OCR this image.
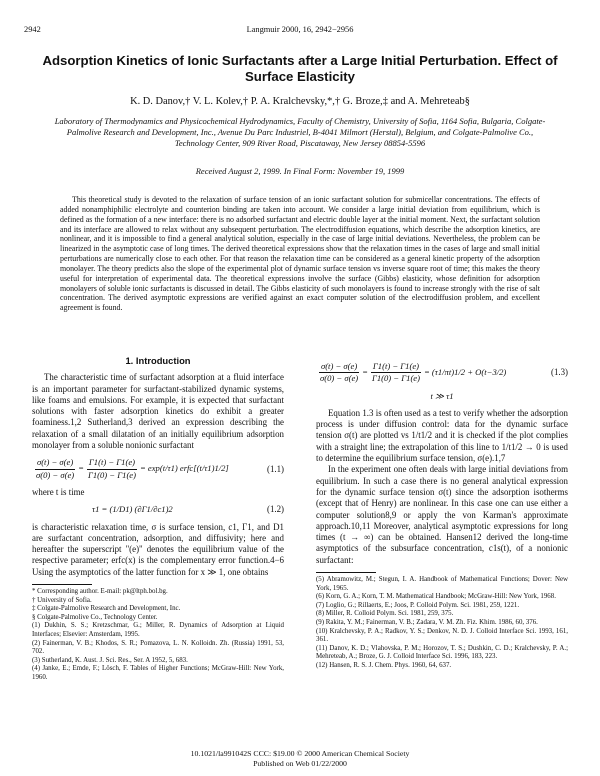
2942	Langmuir 2000, 16, 2942−2956
Adsorption Kinetics of Ionic Surfactants after a Large Initial Perturbation. Effect of Surface Elasticity
K. D. Danov,† V. L. Kolev,† P. A. Kralchevsky,*,† G. Broze,‡ and A. Mehreteab§
Laboratory of Thermodynamics and Physicochemical Hydrodynamics, Faculty of Chemistry, University of Sofia, 1164 Sofia, Bulgaria, Colgate-Palmolive Research and Development, Inc., Avenue Du Parc Industriel, B-4041 Milmort (Herstal), Belgium, and Colgate-Palmolive Co., Technology Center, 909 River Road, Piscataway, New Jersey 08854-5596
Received August 2, 1999. In Final Form: November 19, 1999

This theoretical study is devoted to the relaxation of surface tension of an ionic surfactant solution for submicellar concentrations. The effects of added nonamphiphilic electrolyte and counterion binding are taken into account. We consider a large initial deviation from equilibrium, which is defined as the formation of a new interface: there is no adsorbed surfactant and electric double layer at the initial moment. Next, the surfactant solution and its interface are allowed to relax without any subsequent perturbation. The electrodiffusion equations, which describe the adsorption kinetics, are nonlinear, and it is impossible to find a general analytical solution, especially in the case of large initial deviations. Nevertheless, the problem can be linearized in the asymptotic case of long times. The derived theoretical expressions show that the relaxation times in the cases of large and small initial perturbations are numerically close to each other. For that reason the relaxation time can be considered as a general kinetic property of the adsorption monolayer. The theory predicts also the slope of the experimental plot of dynamic surface tension vs inverse square root of time; this makes the theory useful for interpretation of experimental data. The theoretical expressions involve the surface (Gibbs) elasticity, whose definition for adsorption monolayers of soluble ionic surfactants is discussed in detail. The Gibbs elasticity of such monolayers is found to increase strongly with the rise of salt concentration. The derived asymptotic expressions are verified against an exact computer solution of the electrodiffusion problem, and excellent agreement is found.

1. Introduction

The characteristic time of surfactant adsorption at a fluid interface is an important parameter for surfactant-stabilized dynamic systems, like foams and emulsions. For example, it is expected that surfactant solutions with faster adsorption kinetics do exhibit a greater foaminess.1,2 Sutherland,3 derived an expression describing the relaxation of a small dilatation of an initially equilibrium adsorption monolayer from a soluble nonionic surfactant

$\frac{\sigma(t) - \sigma(e)}{\sigma(0) - \sigma(e)} = \frac{\Gamma 1(t) - \Gamma 1(e)}{\Gamma 1(0) - \Gamma 1(e)} = \exp(t/\tau 1)$ erfc[(t/τ1)1/2]	(1.1)

where t is time

τ1 = (1/D1) (∂Γ1/∂c1)2	(1.2)

is characteristic relaxation time, σ is surface tension, c1, Γ1, and D1 are surfactant concentration, adsorption, and diffusivity; here and hereafter the superscript "(e)" denotes the equilibrium value of the respective parameter; erfc(x) is the complementary error function.4−6 Using the asymptotics of the latter function for x ≫ 1, one obtains

* Corresponding author. E-mail: pk@ltph.bol.bg.
† University of Sofia.
‡ Colgate-Palmolive Research and Development, Inc.
§ Colgate-Palmolive Co., Technology Center.
(1) Dukhin, S. S.; Kretzschmar, G.; Miller, R. Dynamics of Adsorption at Liquid Interfaces; Elsevier: Amsterdam, 1995.
(2) Fainerman, V. B.; Khodos, S. R.; Pomazova, L. N. Kolloidn. Zh. (Russia) 1991, 53, 702.
(3) Sutherland, K. Aust. J. Sci. Res., Ser. A 1952, 5, 683.
(4) Janke, E.; Emde, F.; Lösch, F. Tables of Higher Functions; McGraw-Hill: New York, 1960.
$\frac{\sigma(t) - \sigma(e)}{\sigma(0) - \sigma(e)} = \frac{\Gamma 1(t) - \Gamma 1(e)}{\Gamma 1(0) - \Gamma 1(e)} = (\tau 1/\pi t)1/2 + O(t-3/2)$	(1.3)
t ≫ τ1

Equation 1.3 is often used as a test to verify whether the adsorption process is under diffusion control: data for the dynamic surface tension σ(t) are plotted vs 1/t1/2 and it is checked if the plot complies with a straight line; the extrapolation of this line to 1/t1/2 → 0 is used to determine the equilibrium surface tension, σ(e).1,7

In the experiment one often deals with large initial deviations from equilibrium. In such a case there is no general analytical expression for the dynamic surface tension σ(t) since the adsorption isotherms (except that of Henry) are nonlinear. In this case one can use either a computer solution8,9 or apply the von Karman's approximate approach.10,11 Moreover, analytical asymptotic expressions for long times (t → ∞) can be obtained. Hansen12 derived the long-time asymptotics of the subsurface concentration, c1s(t), of a nonionic surfactant:

(5) Abramowitz, M.; Stegun, I. A. Handbook of Mathematical Functions; Dover: New York, 1965.
(6) Korn, G. A.; Korn, T. M. Mathematical Handbook; McGraw-Hill: New York, 1968.
(7) Loglio, G.; Rillaerts, E.; Joos, P. Colloid Polym. Sci. 1981, 259, 1221.
(8) Miller, R. Colloid Polym. Sci. 1981, 259, 375.
(9) Rakita, Y. M.; Fainerman, V. B.; Zadara, V. M. Zh. Fiz. Khim. 1986, 60, 376.
(10) Kralchevsky, P. A.; Radkov, Y. S.; Denkov, N. D. J. Colloid Interface Sci. 1993, 161, 361.
(11) Danov, K. D.; Vlahovska, P. M.; Horozov, T. S.; Dushkin, C. D.; Kralchevsky, P. A.; Mehreteab, A.; Broze, G. J. Colloid Interface Sci. 1996, 183, 223.
(12) Hansen, R. S. J. Chem. Phys. 1960, 64, 637.
10.1021/la991042S CCC: $19.00 © 2000 American Chemical Society
Published on Web 01/22/2000
